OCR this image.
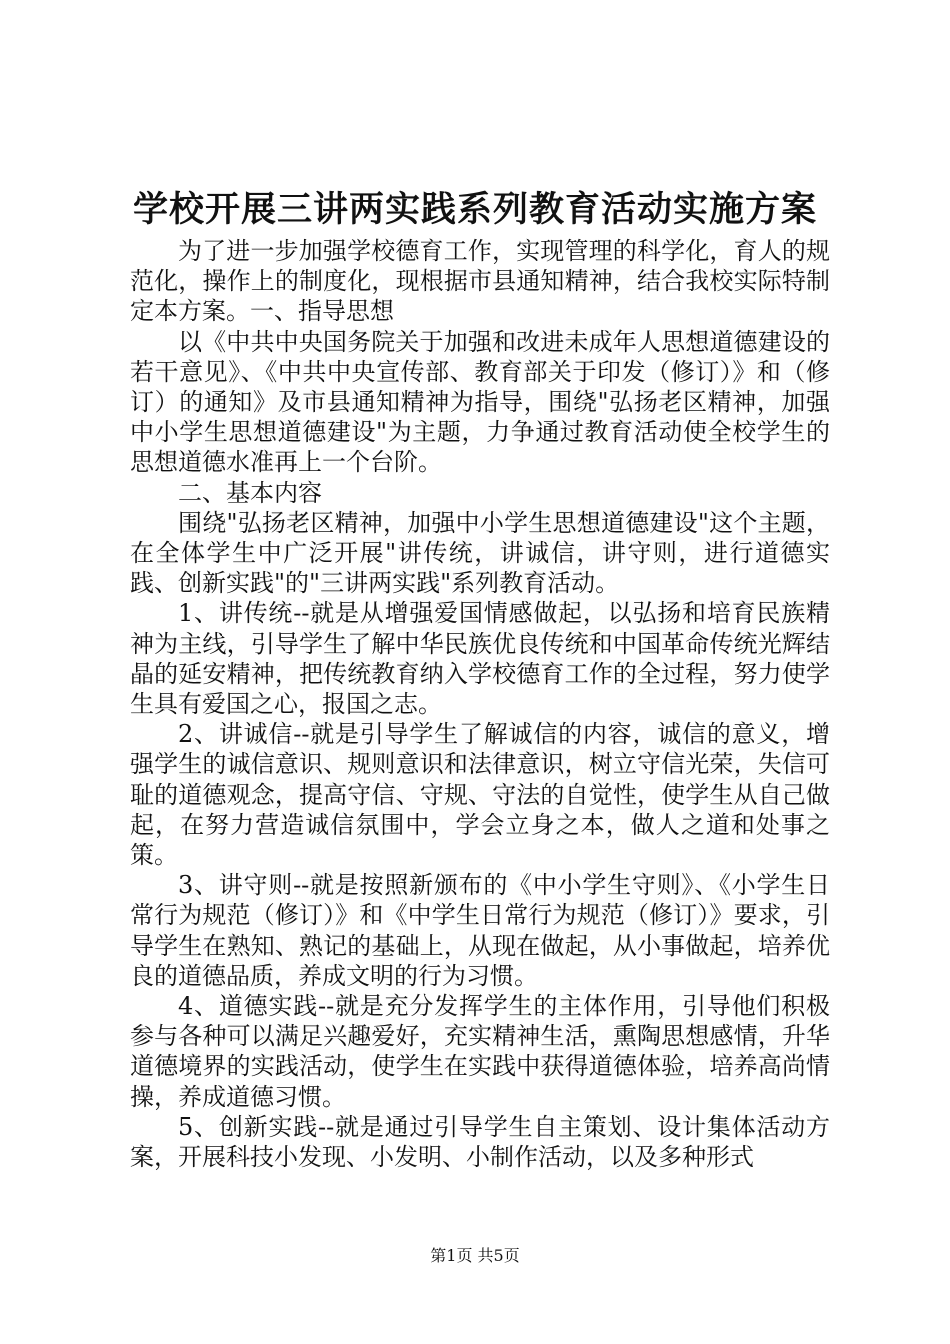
学校开展三讲两实践系列教育活动实施方案

为了进一步加强学校德育工作，实现管理的科学化，育人的规范化，操作上的制度化，现根据市县通知精神，结合我校实际特制定本方案。一、指导思想

以《中共中央国务院关于加强和改进未成年人思想道德建设的若干意见》、《中共中央宣传部、教育部关于印发（修订）》和（修订）的通知》及市县通知精神为指导，围绕"弘扬老区精神，加强中小学生思想道德建设"为主题，力争通过教育活动使全校学生的思想道德水准再上一个台阶。

二、基本内容

围绕"弘扬老区精神，加强中小学生思想道德建设"这个主题，在全体学生中广泛开展"讲传统，讲诚信，讲守则，进行道德实践、创新实践"的"三讲两实践"系列教育活动。

1、讲传统--就是从增强爱国情感做起，以弘扬和培育民族精神为主线，引导学生了解中华民族优良传统和中国革命传统光辉结晶的延安精神，把传统教育纳入学校德育工作的全过程，努力使学生具有爱国之心，报国之志。

2、讲诚信--就是引导学生了解诚信的内容，诚信的意义，增强学生的诚信意识、规则意识和法律意识，树立守信光荣，失信可耻的道德观念，提高守信、守规、守法的自觉性，使学生从自己做起，在努力营造诚信氛围中，学会立身之本，做人之道和处事之策。

3、讲守则--就是按照新颁布的《中小学生守则》、《小学生日常行为规范（修订）》和《中学生日常行为规范（修订）》要求，引导学生在熟知、熟记的基础上，从现在做起，从小事做起，培养优良的道德品质，养成文明的行为习惯。

4、道德实践--就是充分发挥学生的主体作用，引导他们积极参与各种可以满足兴趣爱好，充实精神生活，熏陶思想感情，升华道德境界的实践活动，使学生在实践中获得道德体验，培养高尚情操，养成道德习惯。

5、创新实践--就是通过引导学生自主策划、设计集体活动方案，开展科技小发现、小发明、小制作活动，以及多种形式

第1页 共5页
